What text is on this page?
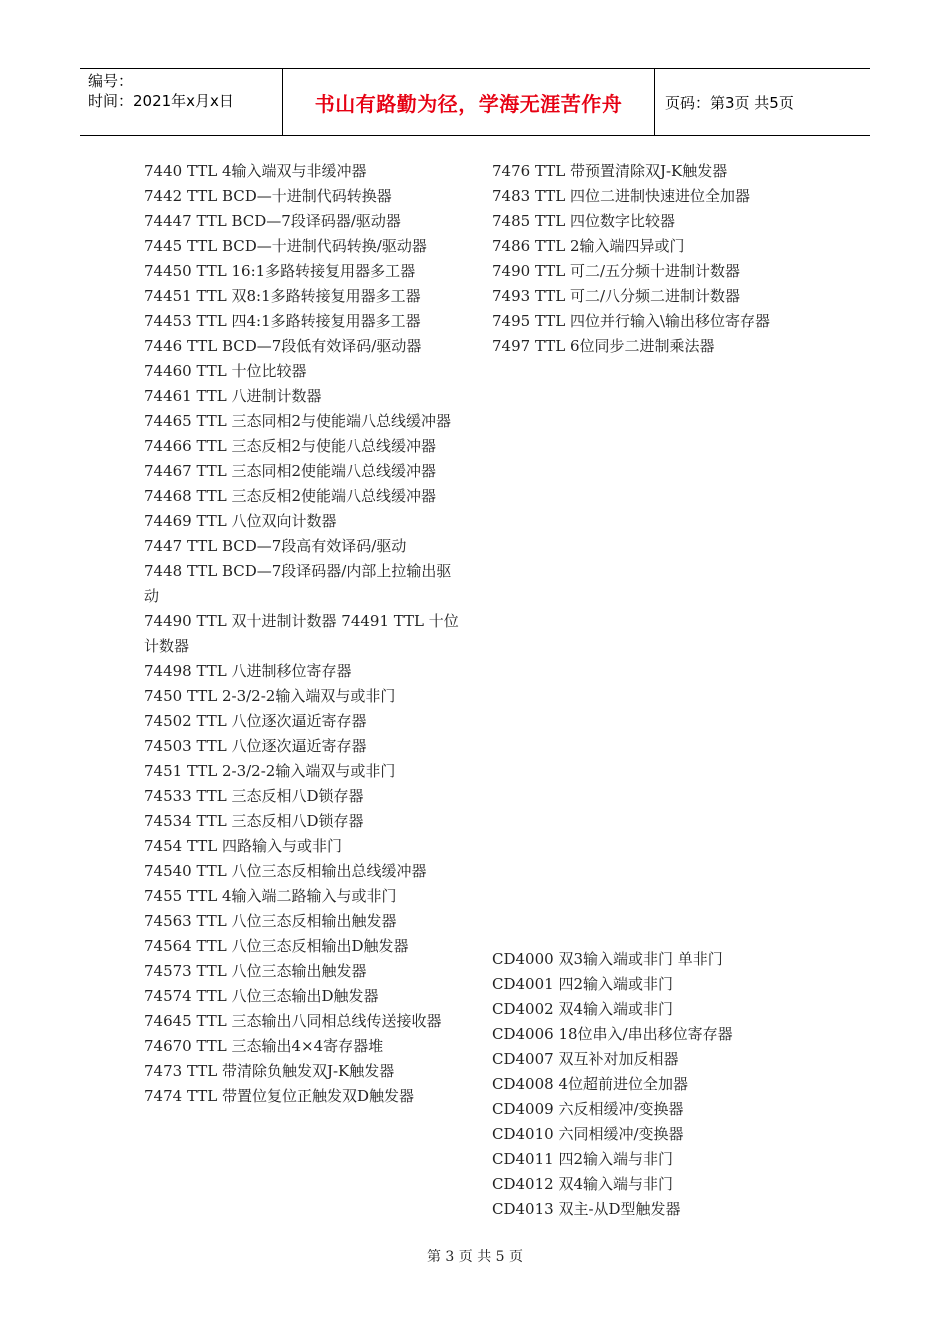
编号：
时间：2021年x月x日	书山有路勤为径，学海无涯苦作舟	页码：第3页 共5页
7440 TTL 4输入端双与非缓冲器
7442 TTL BCD—十进制代码转换器
74447 TTL BCD—7段译码器/驱动器
7445 TTL BCD—十进制代码转换/驱动器
74450 TTL 16:1多路转接复用器多工器
74451 TTL 双8:1多路转接复用器多工器
74453 TTL 四4:1多路转接复用器多工器
7446 TTL BCD—7段低有效译码/驱动器
74460 TTL 十位比较器
74461 TTL 八进制计数器
74465 TTL 三态同相2与使能端八总线缓冲器
74466 TTL 三态反相2与使能八总线缓冲器
74467 TTL 三态同相2使能端八总线缓冲器
74468 TTL 三态反相2使能端八总线缓冲器
74469 TTL 八位双向计数器
7447 TTL BCD—7段高有效译码/驱动
7448 TTL BCD—7段译码器/内部上拉输出驱动
74490 TTL 双十进制计数器 74491 TTL 十位计数器
74498 TTL 八进制移位寄存器
7450 TTL 2-3/2-2输入端双与或非门
74502 TTL 八位逐次逼近寄存器
74503 TTL 八位逐次逼近寄存器
7451 TTL 2-3/2-2输入端双与或非门
74533 TTL 三态反相八D锁存器
74534 TTL 三态反相八D锁存器
7454 TTL 四路输入与或非门
74540 TTL 八位三态反相输出总线缓冲器
7455 TTL 4输入端二路输入与或非门
74563 TTL 八位三态反相输出触发器
74564 TTL 八位三态反相输出D触发器
74573 TTL 八位三态输出触发器
74574 TTL 八位三态输出D触发器
74645 TTL 三态输出八同相总线传送接收器
74670 TTL 三态输出4×4寄存器堆
7473 TTL 带清除负触发双J-K触发器
7474 TTL 带置位复位正触发双D触发器
7476 TTL 带预置清除双J-K触发器
7483 TTL 四位二进制快速进位全加器
7485 TTL 四位数字比较器
7486 TTL 2输入端四异或门
7490 TTL 可二/五分频十进制计数器
7493 TTL 可二/八分频二进制计数器
7495 TTL 四位并行输入\输出移位寄存器
7497 TTL 6位同步二进制乘法器
CD4000 双3输入端或非门 单非门
CD4001 四2输入端或非门
CD4002 双4输入端或非门
CD4006 18位串入/串出移位寄存器
CD4007 双互补对加反相器
CD4008 4位超前进位全加器
CD4009 六反相缓冲/变换器
CD4010 六同相缓冲/变换器
CD4011 四2输入端与非门
CD4012 双4输入端与非门
CD4013 双主-从D型触发器
第 3 页 共 5 页
